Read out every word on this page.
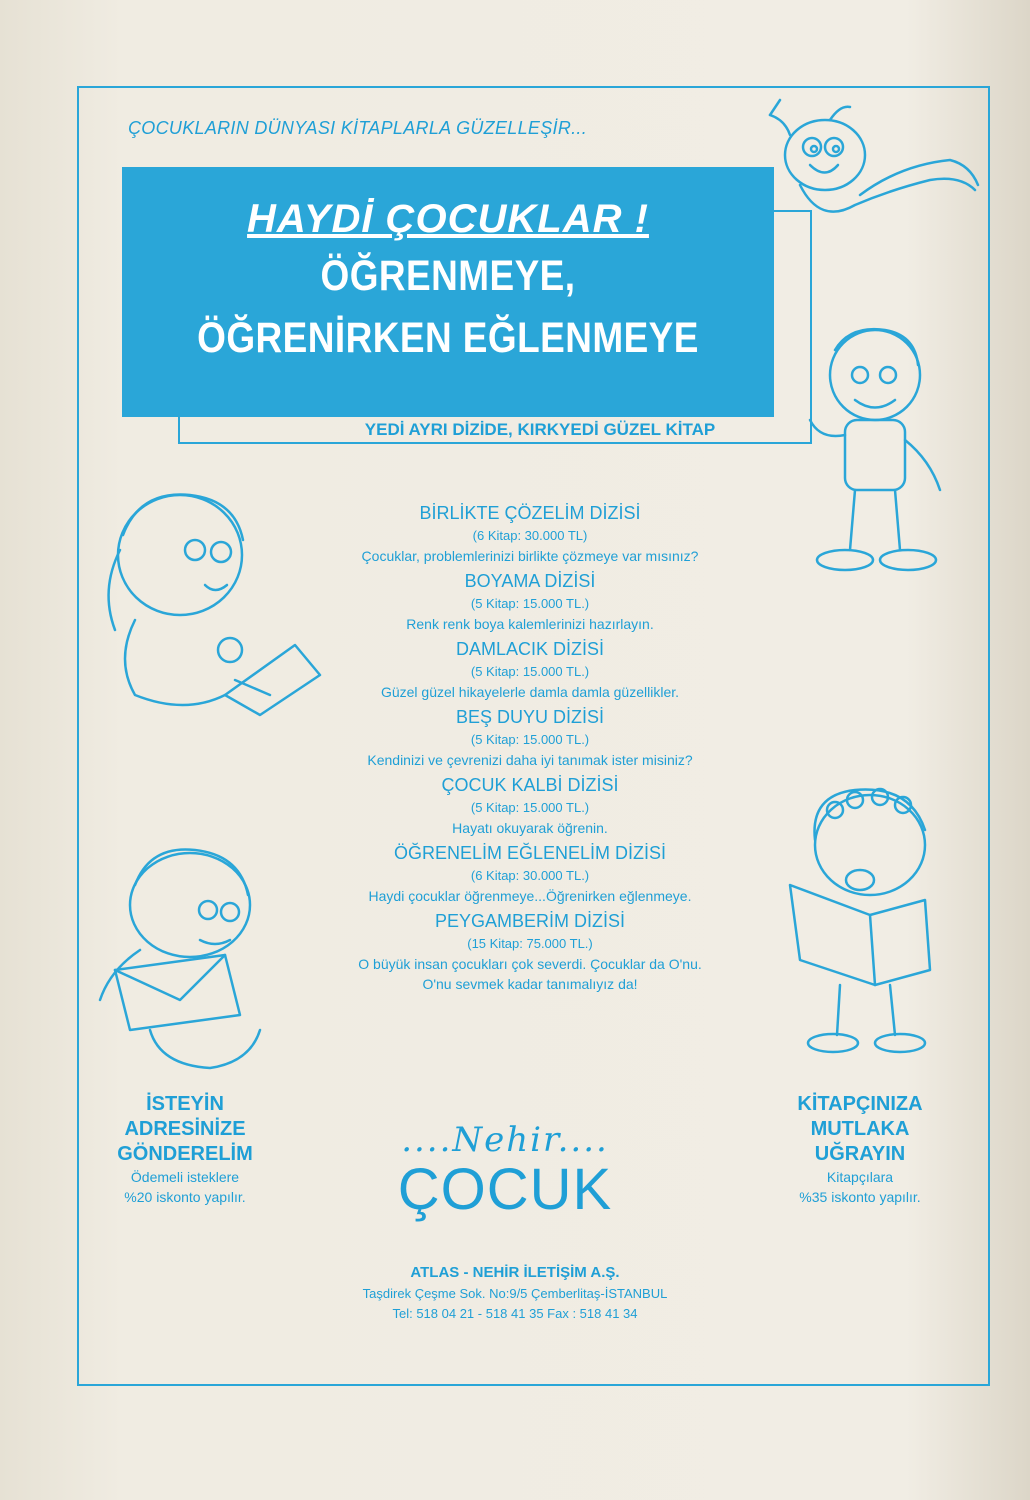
ÇOCUKLARIN DÜNYASI KİTAPLARLA GÜZELLEŞİR...
HAYDİ ÇOCUKLAR !
ÖĞRENMEYE,
ÖĞRENİRKEN EĞLENMEYE
YEDİ AYRI DİZİDE, KIRKYEDİ GÜZEL KİTAP
BİRLİKTE ÇÖZELİM DİZİSİ
(6 Kitap: 30.000 TL)
Çocuklar, problemlerinizi birlikte çözmeye var mısınız?
BOYAMA DİZİSİ
(5 Kitap: 15.000 TL.)
Renk renk boya kalemlerinizi hazırlayın.
DAMLACIK DİZİSİ
(5 Kitap: 15.000 TL.)
Güzel güzel hikayelerle damla damla güzellikler.
BEŞ DUYU DİZİSİ
(5 Kitap: 15.000 TL.)
Kendinizi ve çevrenizi daha iyi tanımak ister misiniz?
ÇOCUK KALBİ DİZİSİ
(5 Kitap: 15.000 TL.)
Hayatı okuyarak öğrenin.
ÖĞRENELİM EĞLENELİM DİZİSİ
(6 Kitap: 30.000 TL.)
Haydi çocuklar öğrenmeye...Öğrenirken eğlenmeye.
PEYGAMBERİM DİZİSİ
(15 Kitap: 75.000 TL.)
O büyük insan çocukları çok severdi. Çocuklar da O'nu.
O'nu sevmek kadar tanımalıyız da!
İSTEYİN
ADRESİNİZE
GÖNDERELİM
Ödemeli isteklere
%20 iskonto yapılır.
KİTAPÇINIZA
MUTLAKA
UĞRAYIN
Kitapçılara
%35 iskonto yapılır.
....Nehir....
ÇOCUK
ATLAS - NEHİR İLETİŞİM A.Ş.
Taşdirek Çeşme Sok. No:9/5 Çemberlitaş-İSTANBUL
Tel: 518 04 21 - 518 41 35 Fax : 518 41 34
